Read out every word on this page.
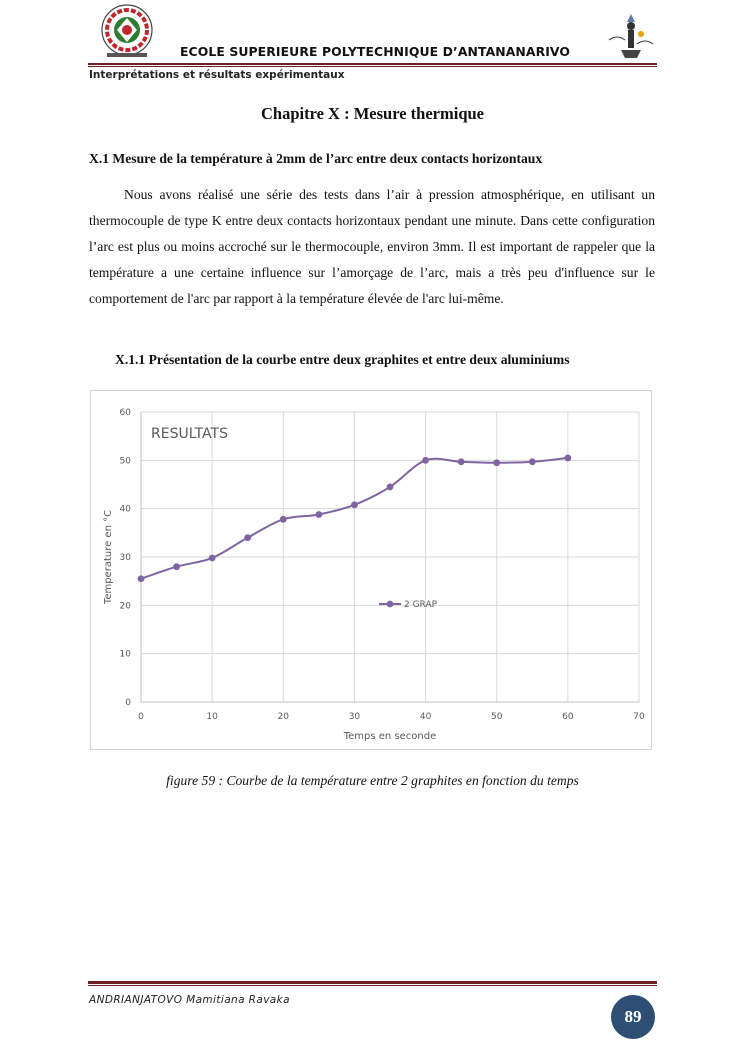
ECOLE SUPERIEURE POLYTECHNIQUE D’ANTANANARIVO
Interprétations et résultats expérimentaux
Chapitre X : Mesure thermique
X.1 Mesure de la température à 2mm de l’arc entre deux contacts horizontaux

Nous avons réalisé une série des tests dans l’air à pression atmosphérique, en utilisant un thermocouple de type K entre deux contacts horizontaux pendant une minute. Dans cette configuration l’arc est plus ou moins accroché sur le thermocouple, environ 3mm. Il est important de rappeler que la température a une certaine influence sur l’amorçage de l’arc, mais a très peu d'influence sur le comportement de l'arc par rapport à la température élevée de l'arc lui-même.

X.1.1 Présentation de la courbe entre deux graphites et entre deux aluminiums
0
10
20
30
40
50
60
0	10	20	30	40	50	60	70
RESULTATS
Temperature en °C
Temps en seconde
2 GRAP
figure 59 : Courbe de la température entre 2 graphites en fonction du temps
ANDRIANJATOVO Mamitiana Ravaka
89
